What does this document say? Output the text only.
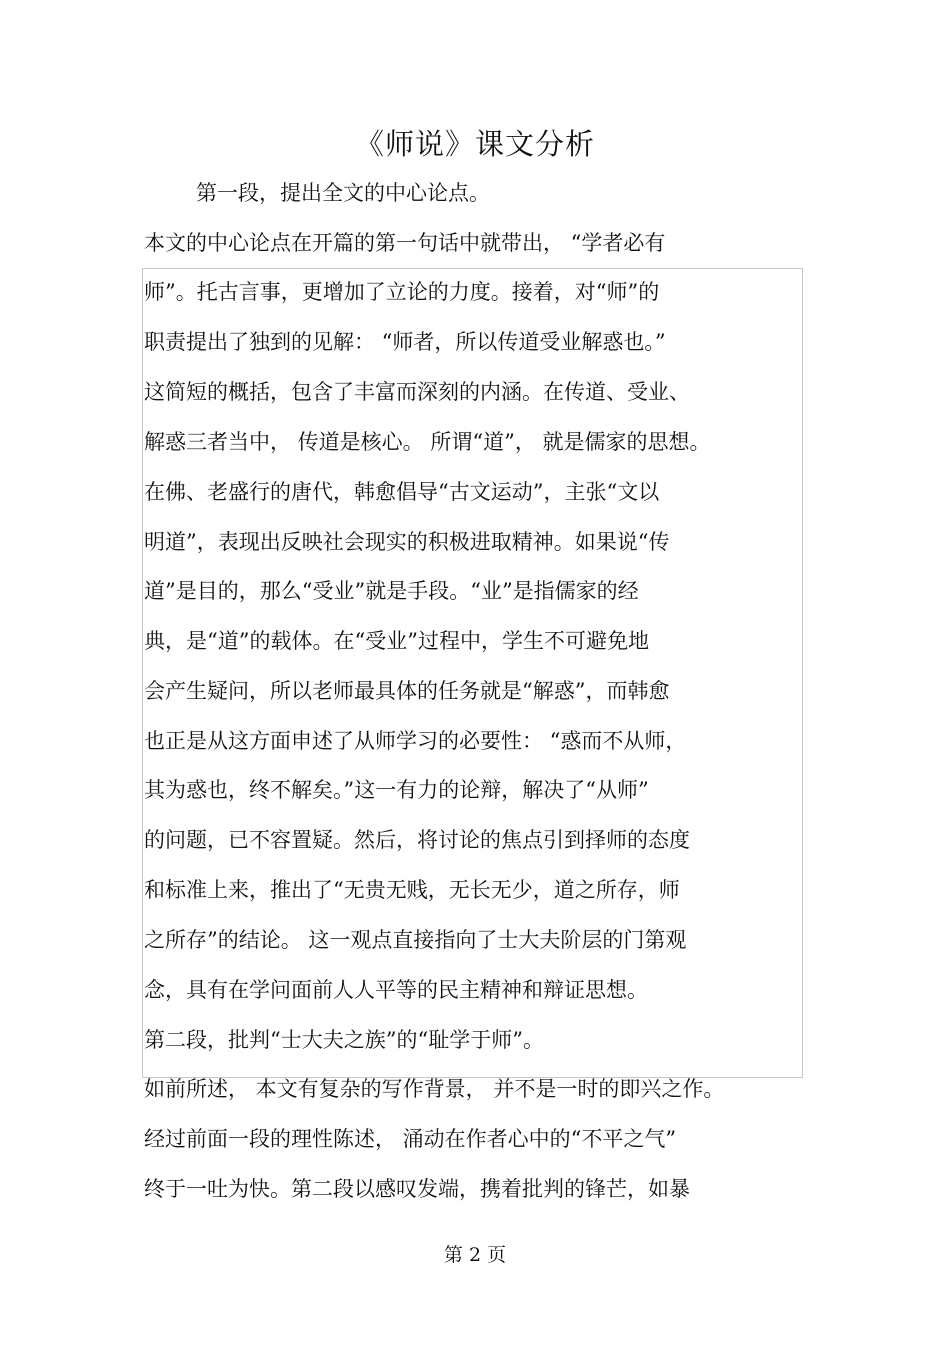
《师说》课文分析

第一段，提出全文的中心论点。

本文的中心论点在开篇的第一句话中就带出， “学者必有

师”。托古言事，更增加了立论的力度。接着，对“师”的

职责提出了独到的见解： “师者，所以传道受业解惑也。”

这简短的概括，包含了丰富而深刻的内涵。在传道、受业、

解惑三者当中， 传道是核心。 所谓“道”， 就是儒家的思想。

在佛、老盛行的唐代，韩愈倡导“古文运动”，主张“文以

明道”，表现出反映社会现实的积极进取精神。如果说“传

道”是目的，那么“受业”就是手段。“业”是指儒家的经

典，是“道”的载体。在“受业”过程中，学生不可避免地

会产生疑问，所以老师最具体的任务就是“解惑”，而韩愈

也正是从这方面申述了从师学习的必要性： “惑而不从师，

其为惑也，终不解矣。”这一有力的论辩，解决了“从师”

的问题，已不容置疑。然后，将讨论的焦点引到择师的态度

和标准上来，推出了“无贵无贱，无长无少，道之所存，师

之所存”的结论。 这一观点直接指向了士大夫阶层的门第观

念，具有在学问面前人人平等的民主精神和辩证思想。

第二段，批判“士大夫之族”的“耻学于师”。

如前所述， 本文有复杂的写作背景， 并不是一时的即兴之作。

经过前面一段的理性陈述， 涌动在作者心中的“不平之气”

终于一吐为快。第二段以感叹发端，携着批判的锋芒，如暴

第 2 页
